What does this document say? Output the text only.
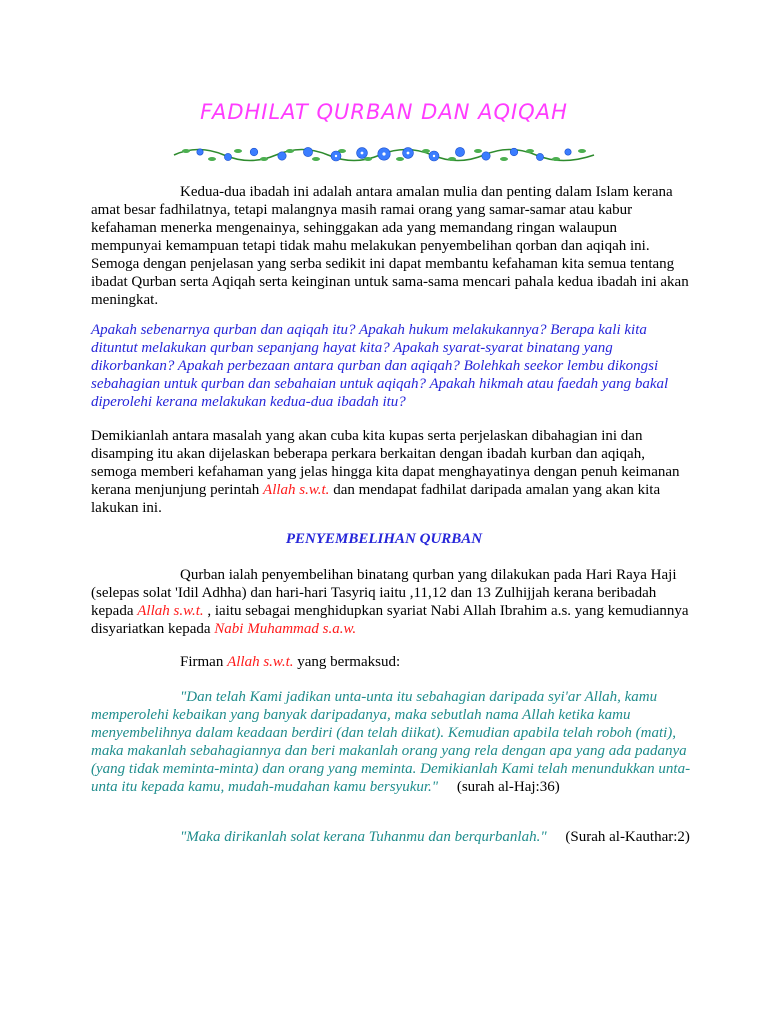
FADHILAT QURBAN DAN AQIQAH

Kedua-dua ibadah ini adalah antara amalan mulia dan penting dalam Islam kerana amat besar fadhilatnya, tetapi malangnya masih ramai orang yang samar-samar atau kabur kefahaman menerka mengenainya, sehinggakan ada yang memandang ringan walaupun mempunyai kemampuan tetapi tidak mahu melakukan penyembelihan qorban dan aqiqah ini. Semoga dengan penjelasan yang serba sedikit ini dapat membantu kefahaman kita semua tentang ibadat Qurban serta Aqiqah serta keinginan untuk sama-sama mencari pahala kedua ibadah ini akan meningkat.

Apakah sebenarnya qurban dan aqiqah itu? Apakah hukum melakukannya? Berapa kali kita dituntut melakukan qurban sepanjang hayat kita? Apakah syarat-syarat binatang yang dikorbankan? Apakah perbezaan antara qurban dan aqiqah? Bolehkah seekor lembu dikongsi sebahagian untuk qurban dan sebahaian untuk aqiqah? Apakah hikmah atau faedah yang bakal diperolehi kerana melakukan kedua-dua ibadah itu?

Demikianlah antara masalah yang akan cuba kita kupas serta perjelaskan dibahagian ini dan disamping itu akan dijelaskan beberapa perkara berkaitan dengan ibadah kurban dan aqiqah, semoga memberi kefahaman yang jelas hingga kita dapat menghayatinya dengan penuh keimanan kerana menjunjung perintah Allah s.w.t. dan mendapat fadhilat daripada amalan yang akan kita lakukan ini.

PENYEMBELIHAN QURBAN

Qurban ialah penyembelihan binatang qurban yang dilakukan pada Hari Raya Haji (selepas solat 'Idil Adhha) dan hari-hari Tasyriq iaitu ,11,12 dan 13 Zulhijjah kerana beribadah kepada Allah s.w.t. , iaitu sebagai menghidupkan syariat Nabi Allah Ibrahim a.s. yang kemudiannya disyariatkan kepada Nabi Muhammad s.a.w.

Firman Allah s.w.t. yang bermaksud:

"Dan telah Kami jadikan unta-unta itu sebahagian daripada syi'ar Allah, kamu memperolehi kebaikan yang banyak daripadanya, maka sebutlah nama Allah ketika kamu menyembelihnya dalam keadaan berdiri (dan telah diikat). Kemudian apabila telah roboh (mati), maka makanlah sebahagiannya dan beri makanlah orang yang rela dengan apa yang ada padanya (yang tidak meminta-minta) dan orang yang meminta. Demikianlah Kami telah menundukkan unta-unta itu kepada kamu, mudah-mudahan kamu bersyukur." (surah al-Haj:36)

"Maka dirikanlah solat kerana Tuhanmu dan berqurbanlah." (Surah al-Kauthar:2)
